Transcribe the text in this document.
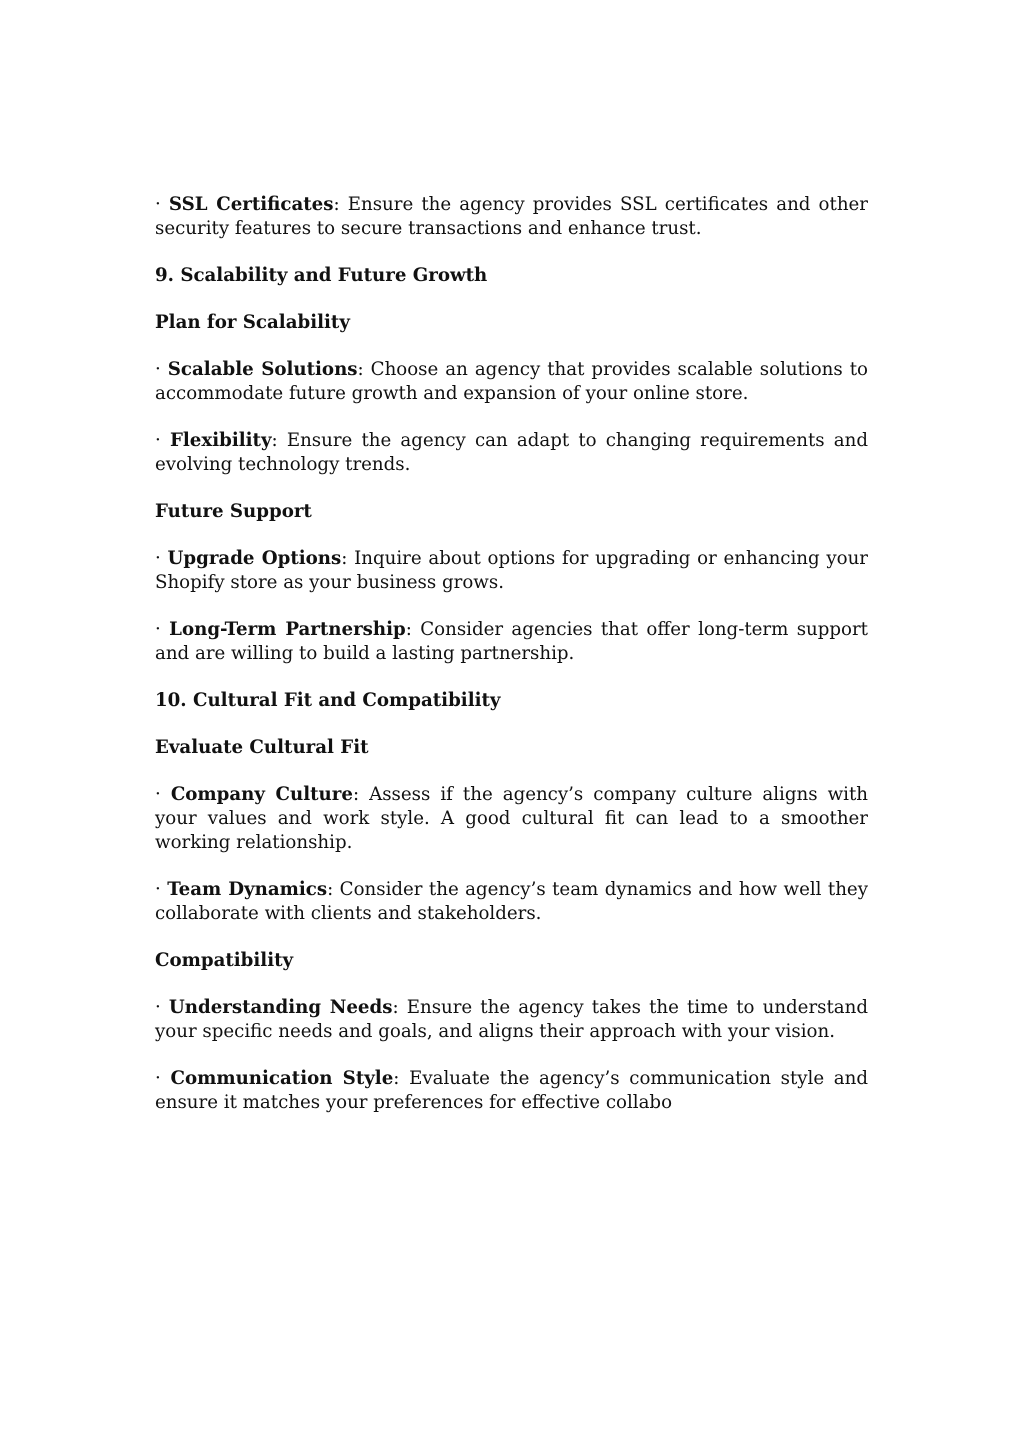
· SSL Certificates: Ensure the agency provides SSL certificates and other security features to secure transactions and enhance trust.

9. Scalability and Future Growth

Plan for Scalability

· Scalable Solutions: Choose an agency that provides scalable solutions to accommodate future growth and expansion of your online store.

· Flexibility: Ensure the agency can adapt to changing requirements and evolving technology trends.

Future Support

· Upgrade Options: Inquire about options for upgrading or enhancing your Shopify store as your business grows.

· Long-Term Partnership: Consider agencies that offer long-term support and are willing to build a lasting partnership.

10. Cultural Fit and Compatibility

Evaluate Cultural Fit

· Company Culture: Assess if the agency’s company culture aligns with your values and work style. A good cultural fit can lead to a smoother working relationship.

· Team Dynamics: Consider the agency’s team dynamics and how well they collaborate with clients and stakeholders.

Compatibility

· Understanding Needs: Ensure the agency takes the time to understand your specific needs and goals, and aligns their approach with your vision.

· Communication Style: Evaluate the agency’s communication style and ensure it matches your preferences for effective collabo
